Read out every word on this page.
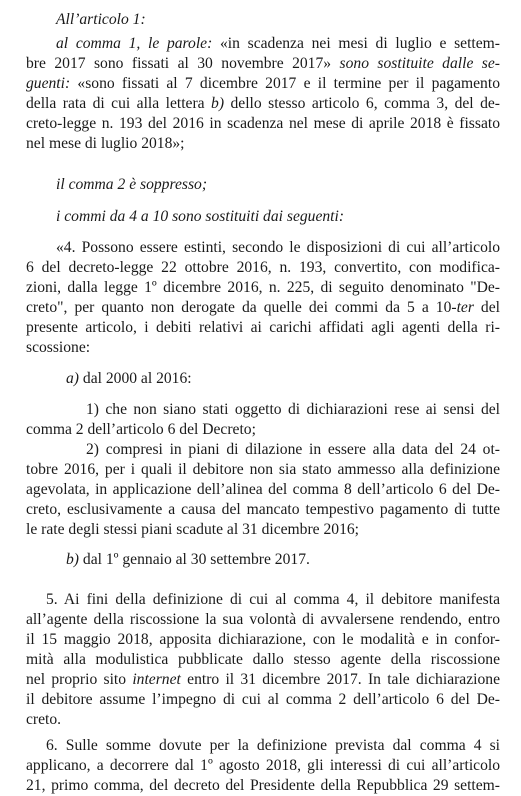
All’articolo 1:

al comma 1, le parole: «in scadenza nei mesi di luglio e settem-

bre 2017 sono fissati al 30 novembre 2017» sono sostituite dalle se-

guenti: «sono fissati al 7 dicembre 2017 e il termine per il pagamento

della rata di cui alla lettera b) dello stesso articolo 6, comma 3, del de-

creto-legge n. 193 del 2016 in scadenza nel mese di aprile 2018 è fissato

nel mese di luglio 2018»;

il comma 2 è soppresso;

i commi da 4 a 10 sono sostituiti dai seguenti:

«4. Possono essere estinti, secondo le disposizioni di cui all’articolo

6 del decreto-legge 22 ottobre 2016, n. 193, convertito, con modifica-

zioni, dalla legge 1º dicembre 2016, n. 225, di seguito denominato "De-

creto", per quanto non derogate da quelle dei commi da 5 a 10-ter del

presente articolo, i debiti relativi ai carichi affidati agli agenti della ri-

scossione:

a) dal 2000 al 2016:

1) che non siano stati oggetto di dichiarazioni rese ai sensi del

comma 2 dell’articolo 6 del Decreto;

2) compresi in piani di dilazione in essere alla data del 24 ot-

tobre 2016, per i quali il debitore non sia stato ammesso alla definizione

agevolata, in applicazione dell’alinea del comma 8 dell’articolo 6 del De-

creto, esclusivamente a causa del mancato tempestivo pagamento di tutte

le rate degli stessi piani scadute al 31 dicembre 2016;

b) dal 1º gennaio al 30 settembre 2017.

5. Ai fini della definizione di cui al comma 4, il debitore manifesta

all’agente della riscossione la sua volontà di avvalersene rendendo, entro

il 15 maggio 2018, apposita dichiarazione, con le modalità e in confor-

mità alla modulistica pubblicate dallo stesso agente della riscossione

nel proprio sito internet entro il 31 dicembre 2017. In tale dichiarazione

il debitore assume l’impegno di cui al comma 2 dell’articolo 6 del De-

creto.

6. Sulle somme dovute per la definizione prevista dal comma 4 si

applicano, a decorrere dal 1º agosto 2018, gli interessi di cui all’articolo

21, primo comma, del decreto del Presidente della Repubblica 29 settem-
